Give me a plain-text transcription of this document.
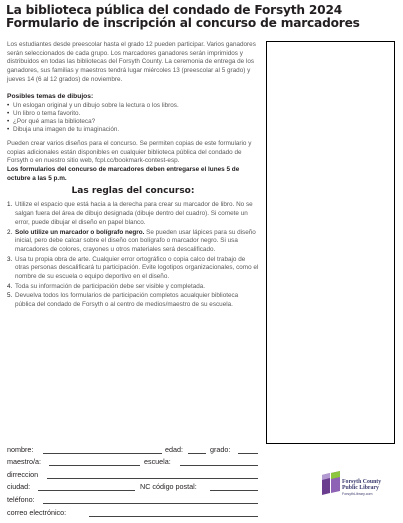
La biblioteca pública del condado de Forsyth 2024
Formulario de inscripción al concurso de marcadores

Los estudiantes desde preescolar hasta el grado 12 pueden participar. Varios ganadores serán seleccionados de cada grupo. Los marcadores ganadores serán imprimidos y distribuidos en todas las bibliotecas del Forsyth County. La ceremonia de entrega de los ganadores, sus familias y maestros tendrá lugar miércoles 13 (preescolar al 5 grado) y jueves 14 (6 al 12 grados) de noviembre.

Posibles temas de dibujos:

• Un eslogan original y un dibujo sobre la lectura o los libros.
• Un libro o tema favorito.
• ¿Por qué amas la biblioteca?
• Dibuja una imagen de tu imaginación.

Pueden crear varios diseños para el concurso. Se permiten copias de este formulario y copias adicionales están disponibles en cualquier biblioteca pública del condado de Forsyth o en nuestro sitio web, fcpl.cc/bookmark-contest-esp.

Los formularios del concurso de marcadores deben entregarse el lunes 5 de octubre a las 5 p.m.

Las reglas del concurso:
1. Utilize el espacio que está hacia a la derecha para crear su marcador de libro. No se salgan fuera del área de dibujo designada (dibuje dentro del cuadro). Si comete un error, puede dibujar el diseño en papel blanco.
2. Solo utilize un marcador o bolígrafo negro. Se pueden usar lápices para su diseño inicial, pero debe calcar sobre el diseño con bolígrafo o marcador negro. Si usa marcadores de colores, crayones u otros materiales será descalificado.
3. Usa tu propia obra de arte. Cualquier error ortográfico o copia calco del trabajo de otras personas descalificará tu participación. Evite logotipos organizacionales, como el nombre de su escuela o equipo deportivo en el diseño.
4. Toda su información de participación debe ser visible y completada.
5. Devuelva todos los formularios de participación completos acualquier biblioteca pública del condado de Forsyth o al centro de medios/maestro de su escuela.
nombre:	edad:	grado:
maestro/a:	escuela:
dirreccion
ciudad:	NC código postal:
teléfono:
correo electrónico:
Forsyth County
Public Library
ForsythLibrary.com
